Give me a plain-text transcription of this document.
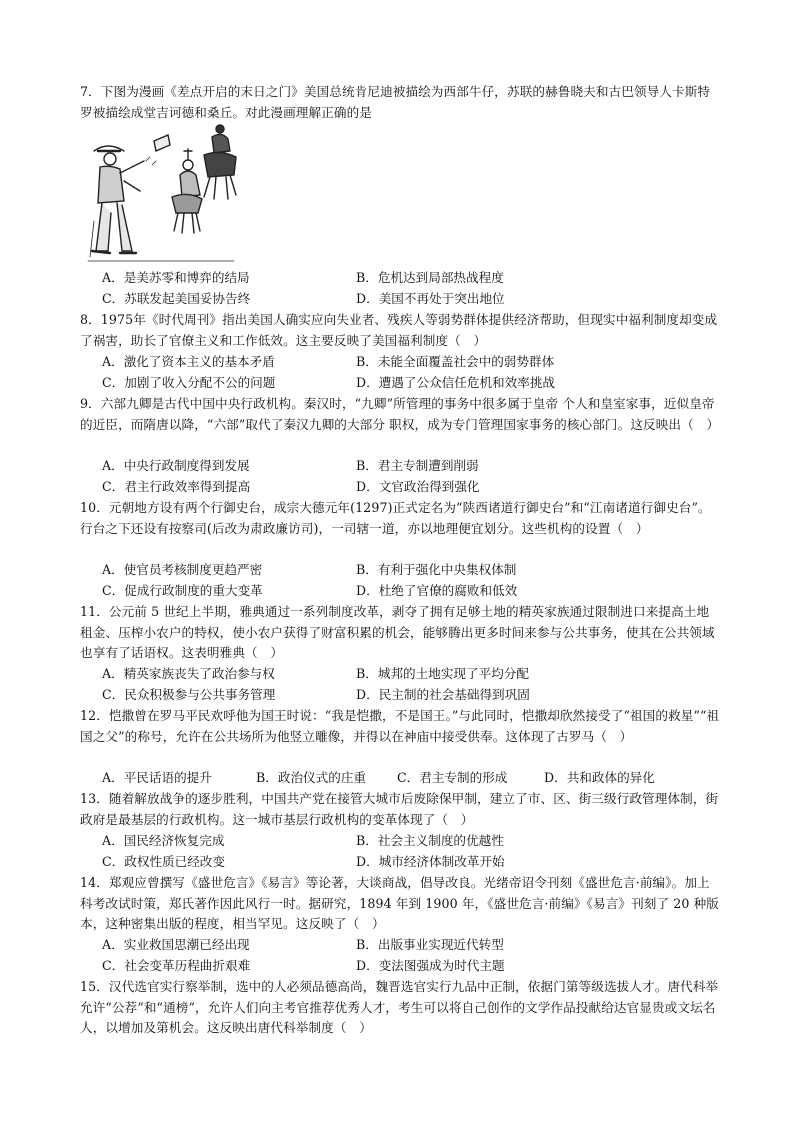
7．下图为漫画《差点开启的末日之门》美国总统肯尼迪被描绘为西部牛仔，苏联的赫鲁晓夫和古巴领导人卡斯特罗被描绘成堂吉诃德和桑丘。对此漫画理解正确的是
A．是美苏零和博弈的结局	B．危机达到局部热战程度
C．苏联发起美国妥协告终	D．美国不再处于突出地位
8．1975年《时代周刊》指出美国人确实应向失业者、残疾人等弱势群体提供经济帮助，但现实中福利制度却变成了祸害，助长了官僚主义和工作低效。这主要反映了美国福利制度（　）
A．激化了资本主义的基本矛盾	B．未能全面覆盖社会中的弱势群体
C．加剧了收入分配不公的问题	D．遭遇了公众信任危机和效率挑战
9．六部九卿是古代中国中央行政机构。秦汉时，“九卿”所管理的事务中很多属于皇帝 个人和皇室家事，近似皇帝的近臣，而隋唐以降，“六部”取代了秦汉九卿的大部分 职权，成为专门管理国家事务的核心部门。这反映出（　）
A．中央行政制度得到发展	B．君主专制遭到削弱
C．君主行政效率得到提高	D．文官政治得到强化
10．元朝地方设有两个行御史台，成宗大德元年(1297)正式定名为“陕西诸道行御史台”和“江南诸道行御史台”。行台之下还设有按察司(后改为肃政廉访司)，一司辖一道，亦以地理便宜划分。这些机构的设置（　）
A．使官员考核制度更趋严密	B．有利于强化中央集权体制
C．促成行政制度的重大变革	D．杜绝了官僚的腐败和低效
11．公元前 5 世纪上半期，雅典通过一系列制度改革，剥夺了拥有足够土地的精英家族通过限制进口来提高土地租金、压榨小农户的特权，使小农户获得了财富积累的机会，能够腾出更多时间来参与公共事务，使其在公共领域也享有了话语权。这表明雅典（　）
A．精英家族丧失了政治参与权	B．城邦的土地实现了平均分配
C．民众积极参与公共事务管理	D．民主制的社会基础得到巩固
12．恺撒曾在罗马平民欢呼他为国王时说：“我是恺撒，不是国王。”与此同时，恺撒却欣然接受了“祖国的救星”“祖国之父”的称号，允许在公共场所为他竖立雕像，并得以在神庙中接受供奉。这体现了古罗马（　）
A．平民话语的提升	B．政治仪式的庄重 C．君主专制的形成	D．共和政体的异化
13．随着解放战争的逐步胜利，中国共产党在接管大城市后废除保甲制，建立了市、区、街三级行政管理体制，街政府是最基层的行政机构。这一城市基层行政机构的变革体现了（　）
A．国民经济恢复完成	B．社会主义制度的优越性
C．政权性质已经改变	D．城市经济体制改革开始
14．郑观应曾撰写《盛世危言》《易言》等论著，大谈商战，倡导改良。光绪帝诏令刊刻《盛世危言·前编》。加上科考改试时策，郑氏著作因此风行一时。据研究，1894 年到 1900 年，《盛世危言·前编》《易言》刊刻了 20 种版本，这种密集出版的程度，相当罕见。这反映了（　）
A．实业救国思潮已经出现	B．出版事业实现近代转型
C．社会变革历程曲折艰难	D．变法图强成为时代主题
15．汉代选官实行察举制，选中的人必须品德高尚，魏晋选官实行九品中正制，依据门第等级选拔人才。唐代科举允许“公荐”和“通榜”，允许人们向主考官推荐优秀人才，考生可以将自己创作的文学作品投献给达官显贵或文坛名人，以增加及第机会。这反映出唐代科举制度（　）
